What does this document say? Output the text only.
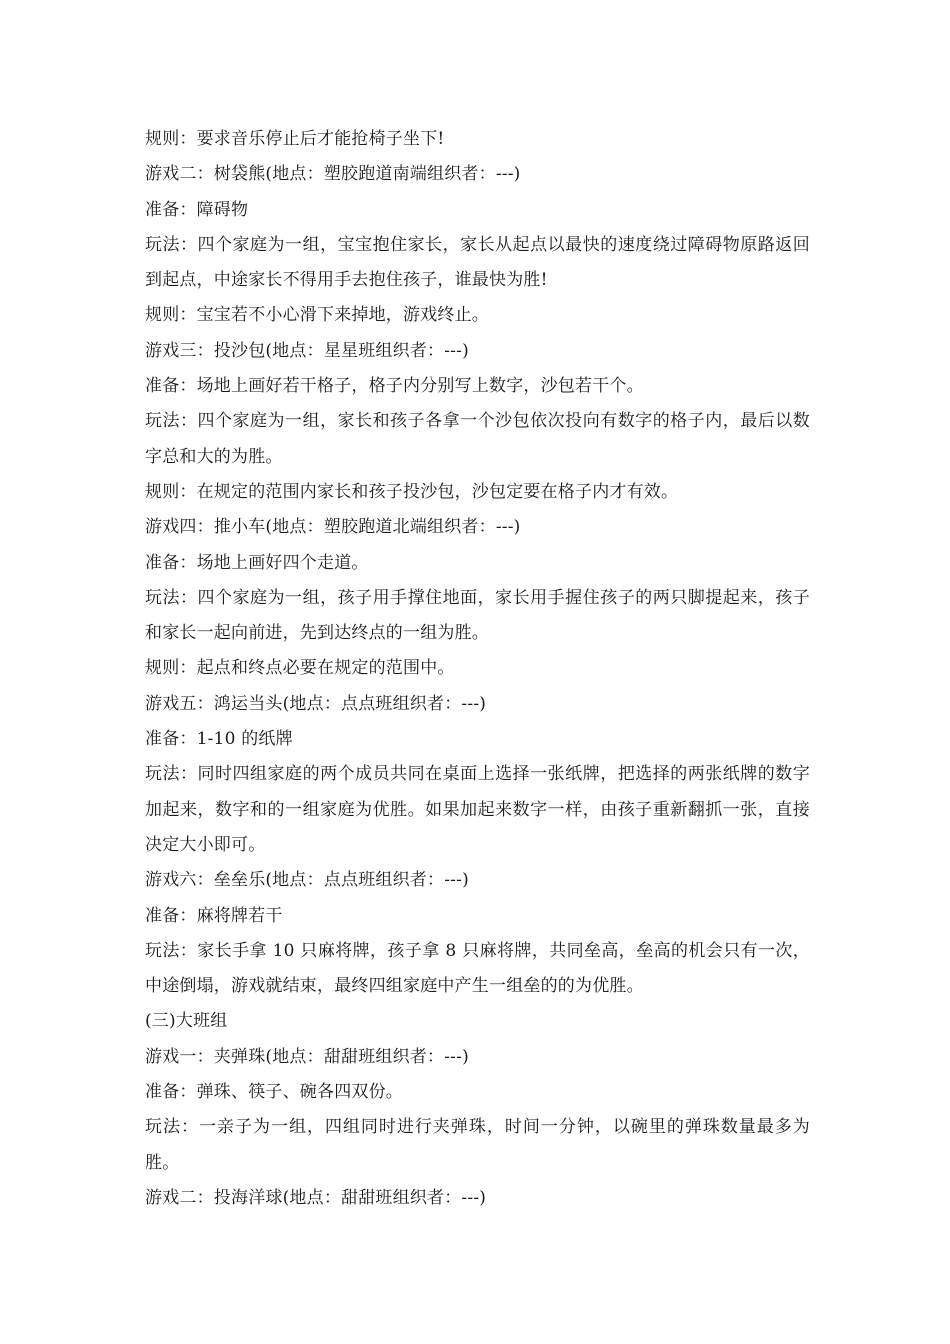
规则：要求音乐停止后才能抢椅子坐下!

游戏二：树袋熊(地点：塑胶跑道南端组织者：---)

准备：障碍物

玩法：四个家庭为一组，宝宝抱住家长，家长从起点以最快的速度绕过障碍物原路返回到起点，中途家长不得用手去抱住孩子，谁最快为胜!

规则：宝宝若不小心滑下来掉地，游戏终止。

游戏三：投沙包(地点：星星班组织者：---)

准备：场地上画好若干格子，格子内分别写上数字，沙包若干个。

玩法：四个家庭为一组，家长和孩子各拿一个沙包依次投向有数字的格子内，最后以数字总和大的为胜。

规则：在规定的范围内家长和孩子投沙包，沙包定要在格子内才有效。

游戏四：推小车(地点：塑胶跑道北端组织者：---)

准备：场地上画好四个走道。

玩法：四个家庭为一组，孩子用手撑住地面，家长用手握住孩子的两只脚提起来，孩子和家长一起向前进，先到达终点的一组为胜。

规则：起点和终点必要在规定的范围中。

游戏五：鸿运当头(地点：点点班组织者：---)

准备：1-10 的纸牌

玩法：同时四组家庭的两个成员共同在桌面上选择一张纸牌，把选择的两张纸牌的数字加起来，数字和的一组家庭为优胜。如果加起来数字一样，由孩子重新翻抓一张，直接决定大小即可。

游戏六：垒垒乐(地点：点点班组织者：---)

准备：麻将牌若干

玩法：家长手拿 10 只麻将牌，孩子拿 8 只麻将牌，共同垒高，垒高的机会只有一次，中途倒塌，游戏就结束，最终四组家庭中产生一组垒的的为优胜。

(三)大班组

游戏一：夹弹珠(地点：甜甜班组织者：---)

准备：弹珠、筷子、碗各四双份。

玩法：一亲子为一组，四组同时进行夹弹珠，时间一分钟，以碗里的弹珠数量最多为胜。

游戏二：投海洋球(地点：甜甜班组织者：---)
